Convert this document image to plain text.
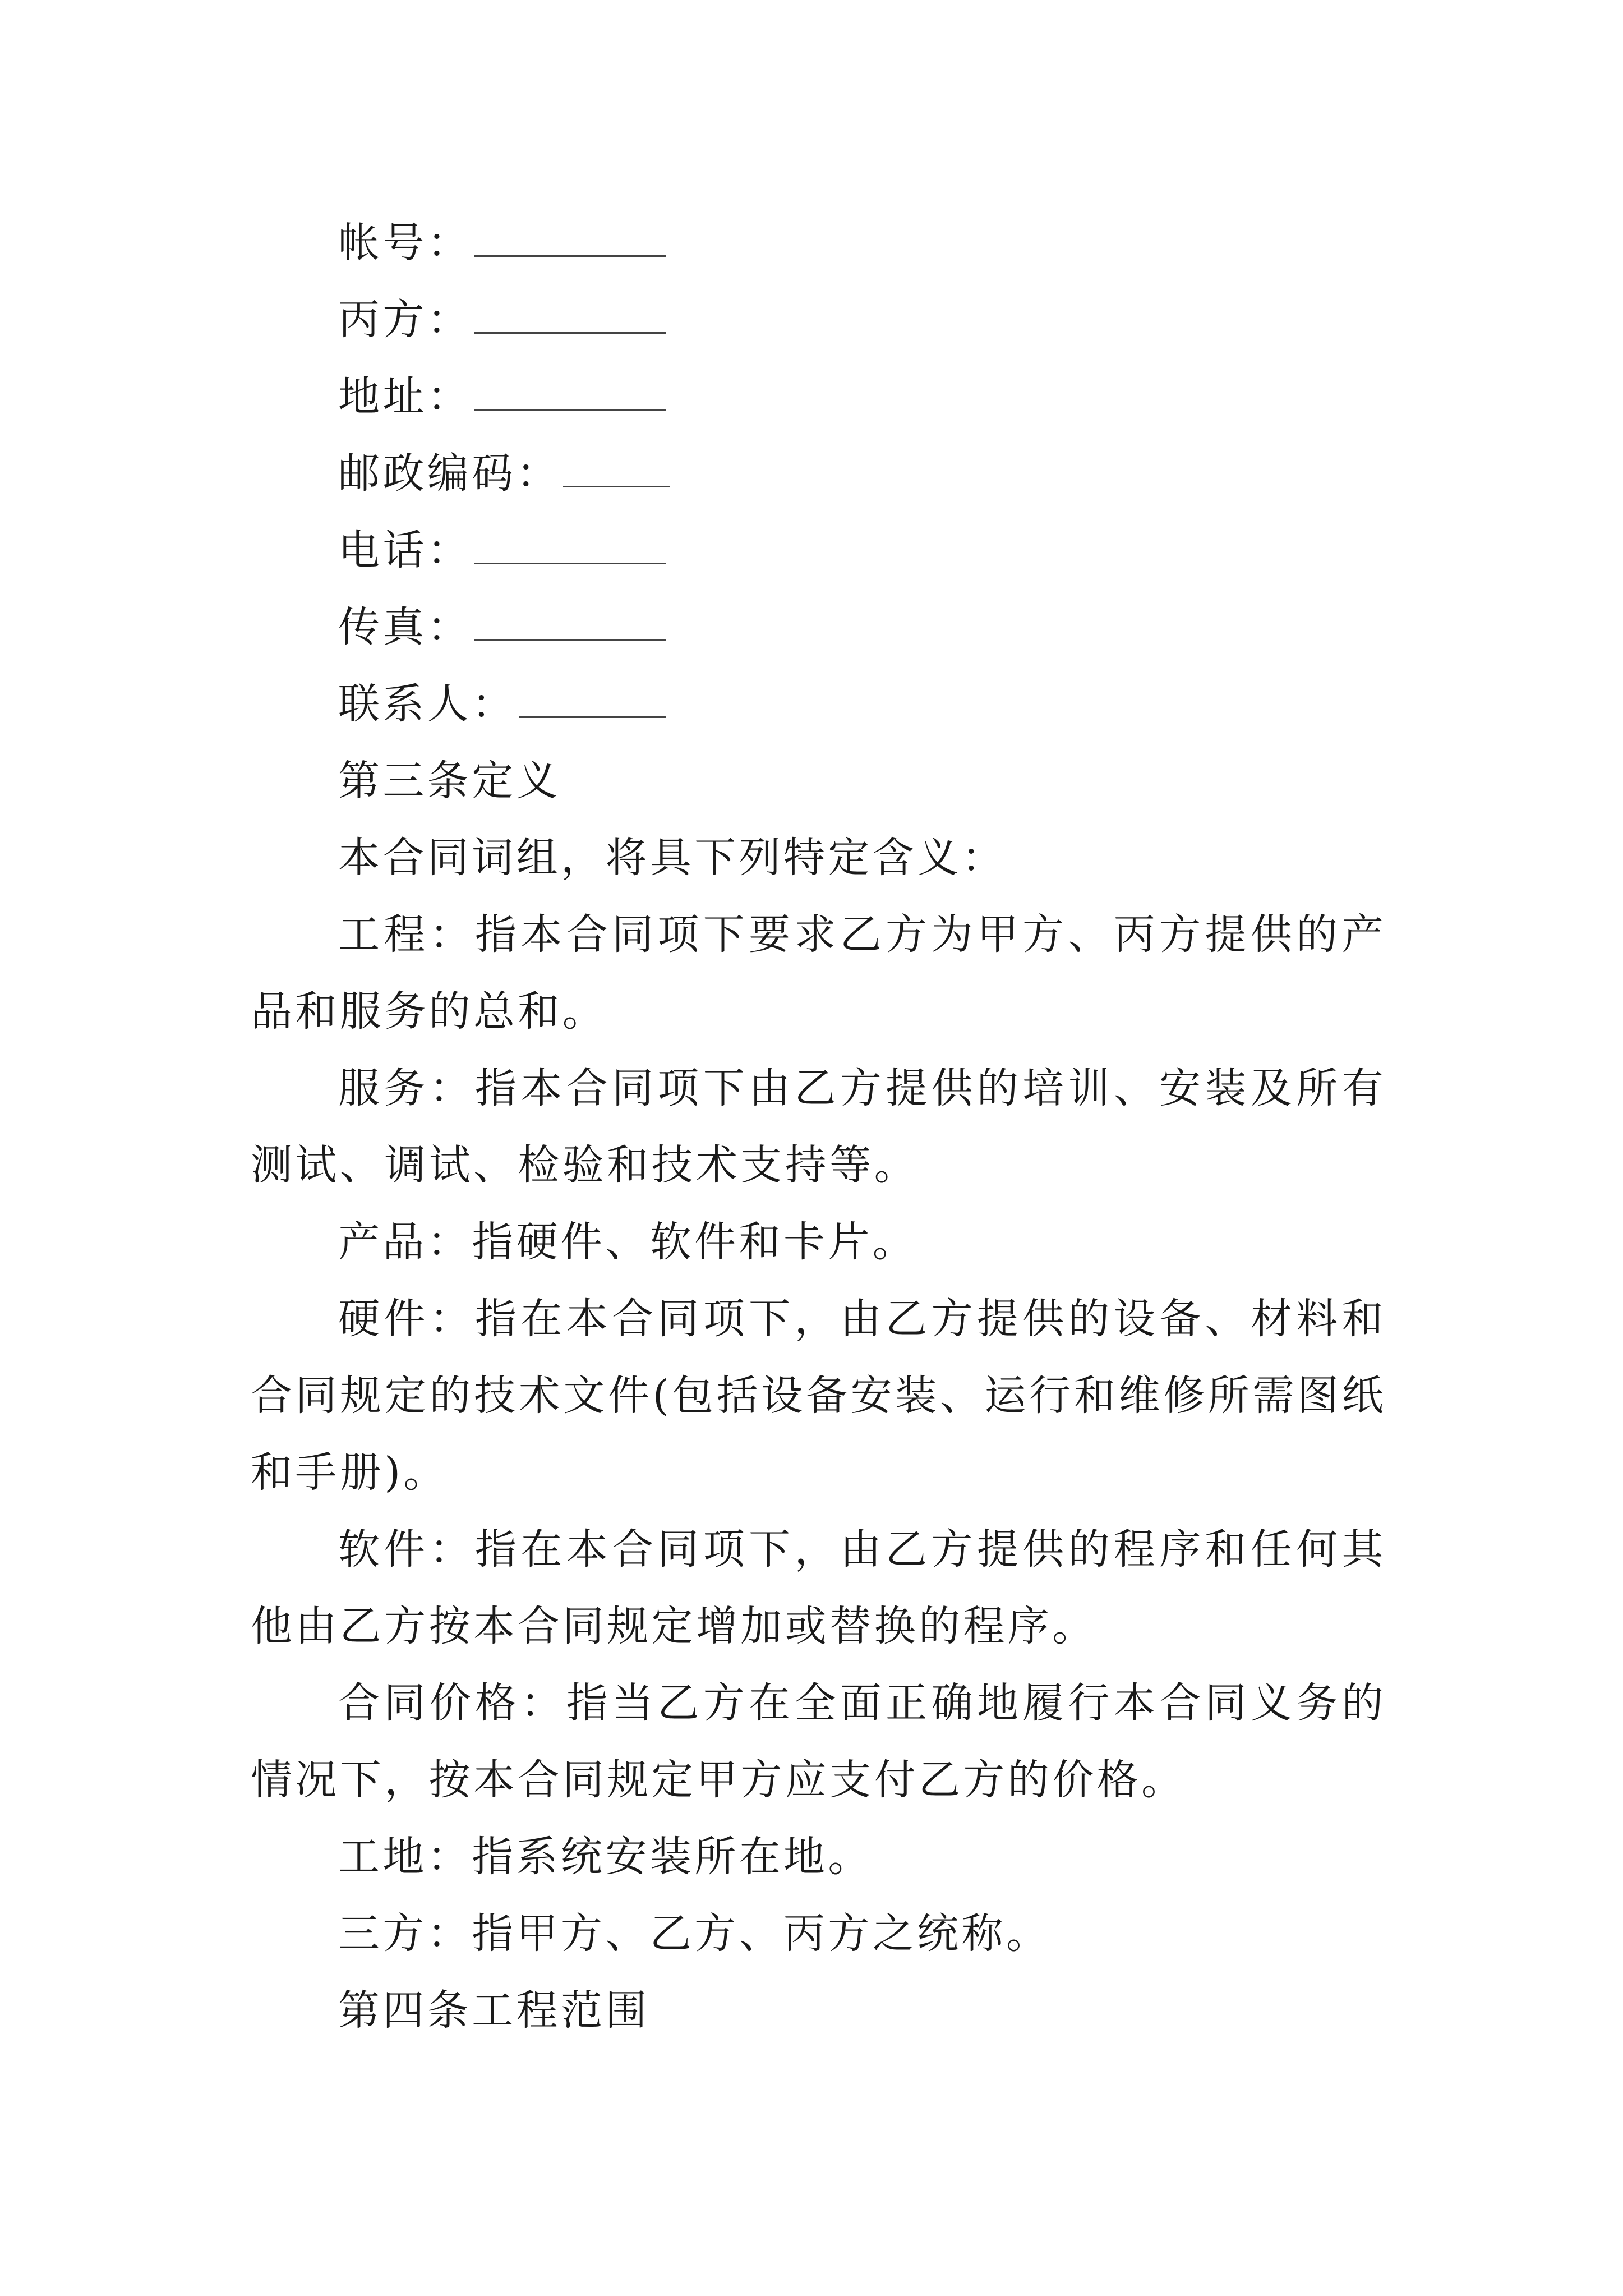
帐号：

丙方：

地址：

邮政编码：

电话：

传真：

联系人：

第三条定义

本合同词组，将具下列特定含义：

工程：指本合同项下要求乙方为甲方、丙方提供的产品和服务的总和。

服务：指本合同项下由乙方提供的培训、安装及所有测试、调试、检验和技术支持等。

产品：指硬件、软件和卡片。

硬件：指在本合同项下，由乙方提供的设备、材料和合同规定的技术文件(包括设备安装、运行和维修所需图纸和手册)。

软件：指在本合同项下，由乙方提供的程序和任何其他由乙方按本合同规定增加或替换的程序。

合同价格：指当乙方在全面正确地履行本合同义务的情况下，按本合同规定甲方应支付乙方的价格。

工地：指系统安装所在地。

三方：指甲方、乙方、丙方之统称。

第四条工程范围
